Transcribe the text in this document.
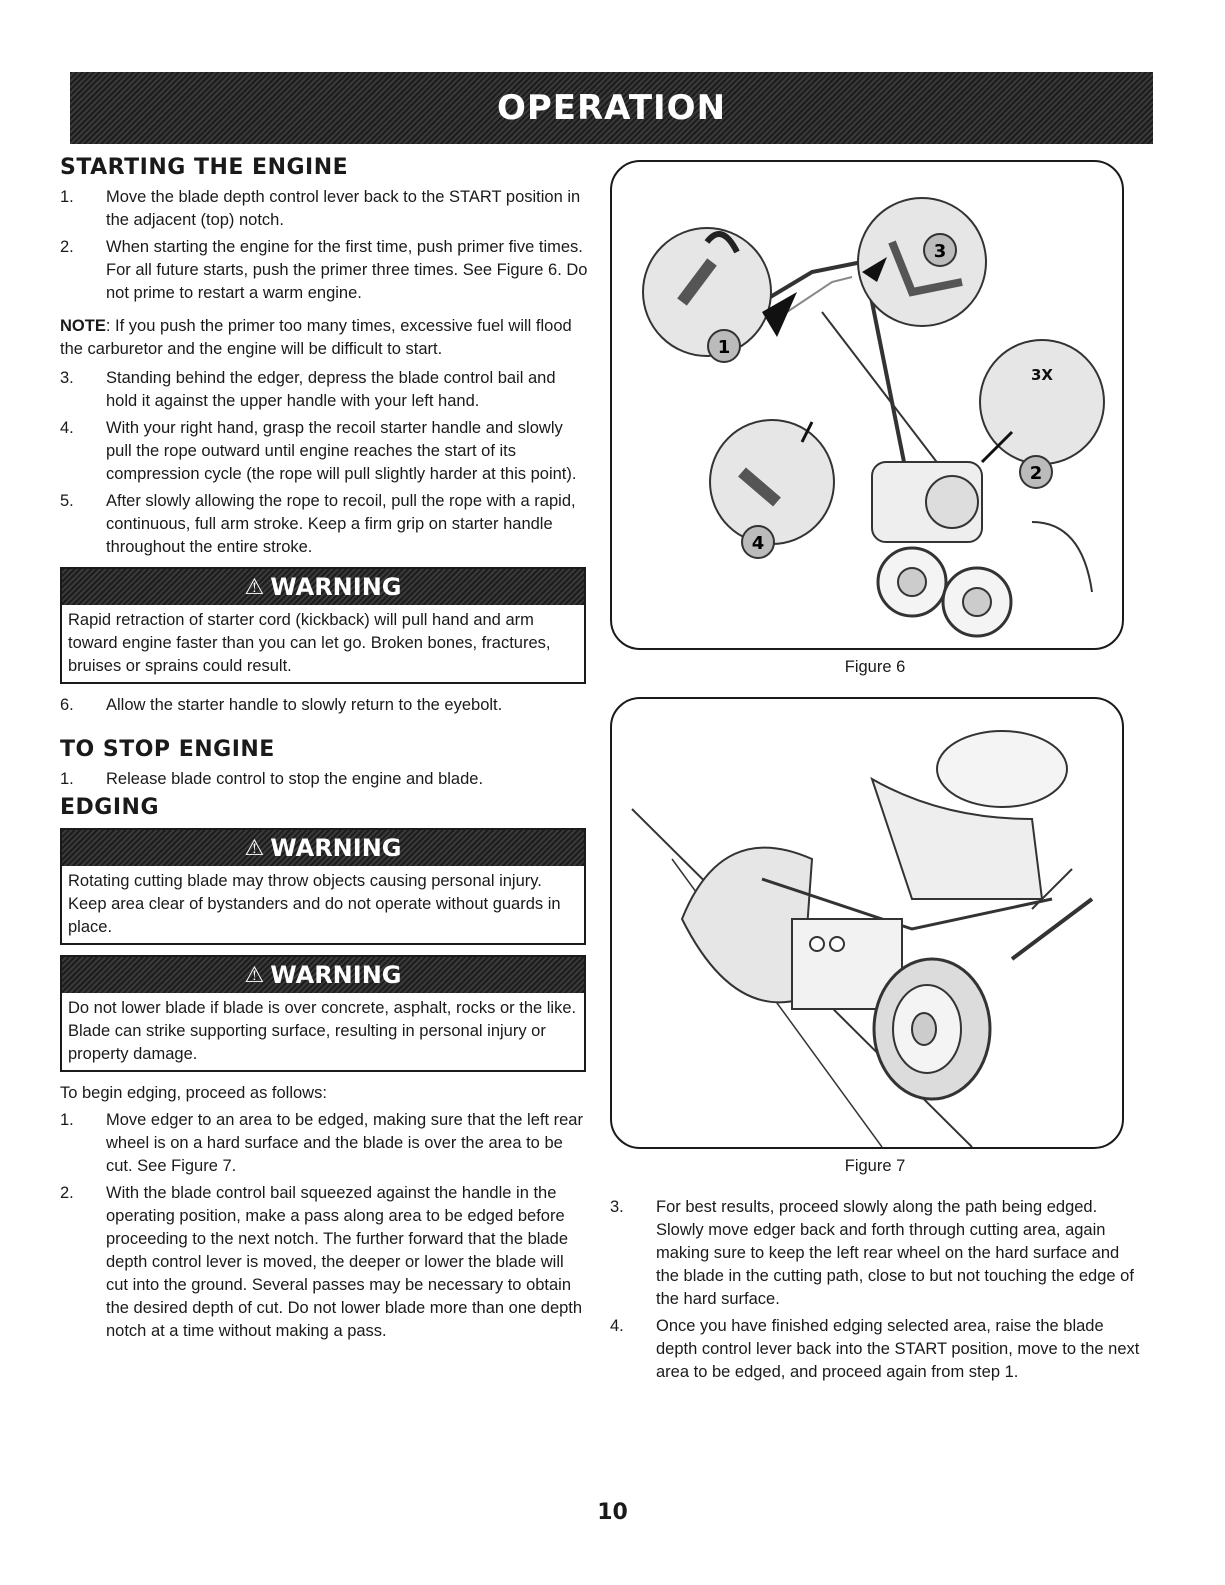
OPERATION
STARTING THE ENGINE
1.	Move the blade depth control lever back to the START position in the adjacent (top) notch.
2.	When starting the engine for the first time, push primer five times. For all future starts, push the primer three times. See Figure 6. Do not prime to restart a warm engine.

NOTE: If you push the primer too many times, excessive fuel will flood the carburetor and the engine will be difficult to start.

3.	Standing behind the edger, depress the blade control bail and hold it against the upper handle with your left hand.
4.	With your right hand, grasp the recoil starter handle and slowly pull the rope outward until engine reaches the start of its compression cycle (the rope will pull slightly harder at this point).
5.	After slowly allowing the rope to recoil, pull the rope with a rapid, continuous, full arm stroke. Keep a firm grip on starter handle throughout the entire stroke.
⚠ WARNING
Rapid retraction of starter cord (kickback) will pull hand and arm toward engine faster than you can let go. Broken bones, fractures, bruises or sprains could result.
6.	Allow the starter handle to slowly return to the eyebolt.
TO STOP ENGINE
1.	Release blade control to stop the engine and blade.
EDGING
⚠ WARNING
Rotating cutting blade may throw objects causing personal injury. Keep area clear of bystanders and do not operate without guards in place.
⚠ WARNING
Do not lower blade if blade is over concrete, asphalt, rocks or the like. Blade can strike supporting surface, resulting in personal injury or property damage.

To begin edging, proceed as follows:

1.	Move edger to an area to be edged, making sure that the left rear wheel is on a hard surface and the blade is over the area to be cut. See Figure 7.
2.	With the blade control bail squeezed against the handle in the operating position, make a pass along area to be edged before proceeding to the next notch. The further forward that the blade depth control lever is moved, the deeper or lower the blade will cut into the ground. Several passes may be necessary to obtain the desired depth of cut. Do not lower blade more than one depth notch at a time without making a pass.
3X
1
2
3
4

Figure 6

Figure 7

3.	For best results, proceed slowly along the path being edged. Slowly move edger back and forth through cutting area, again making sure to keep the left rear wheel on the hard surface and the blade in the cutting path, close to but not touching the edge of the hard surface.
4.	Once you have finished edging selected area, raise the blade depth control lever back into the START position, move to the next area to be edged, and proceed again from step 1.
10
